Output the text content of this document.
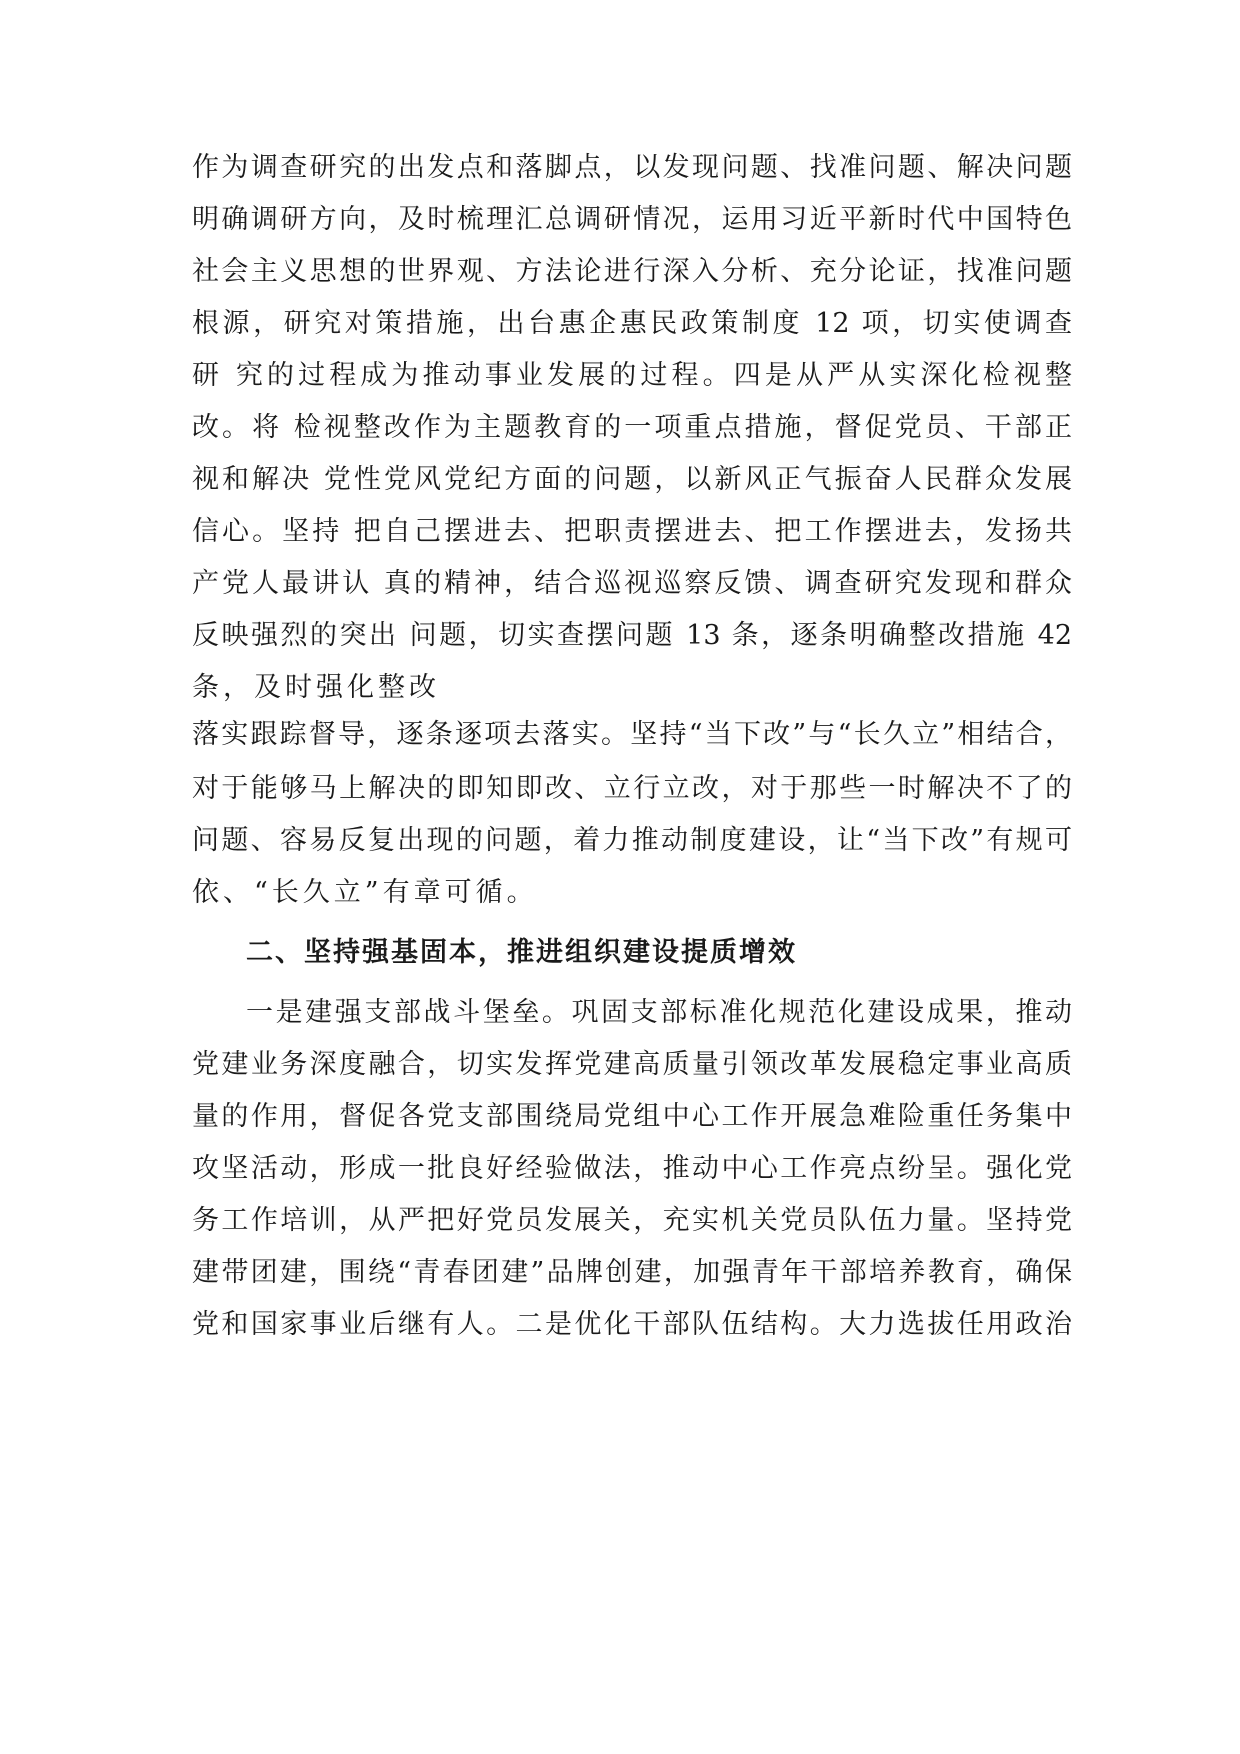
作为调查研究的出发点和落脚点，以发现问题、找准问题、解决问题
明确调研方向，及时梳理汇总调研情况，运用习近平新时代中国特色
社会主义思想的世界观、方法论进行深入分析、充分论证，找准问题
根源，研究对策措施，出台惠企惠民政策制度 12 项，切实使调查
研 究的过程成为推动事业发展的过程。四是从严从实深化检视整
改。将 检视整改作为主题教育的一项重点措施，督促党员、干部正
视和解决 党性党风党纪方面的问题，以新风正气振奋人民群众发展
信心。坚持 把自己摆进去、把职责摆进去、把工作摆进去，发扬共
产党人最讲认 真的精神，结合巡视巡察反馈、调查研究发现和群众
反映强烈的突出 问题，切实查摆问题 13 条，逐条明确整改措施 42
条，及时强化整改
落实跟踪督导，逐条逐项去落实。坚持“当下改”与“长久立”相结合，
对于能够马上解决的即知即改、立行立改，对于那些一时解决不了的
问题、容易反复出现的问题，着力推动制度建设，让“当下改”有规可
依、“长久立”有章可循。
二、坚持强基固本，推进组织建设提质增效
一是建强支部战斗堡垒。巩固支部标准化规范化建设成果，推动
党建业务深度融合，切实发挥党建高质量引领改革发展稳定事业高质
量的作用，督促各党支部围绕局党组中心工作开展急难险重任务集中
攻坚活动，形成一批良好经验做法，推动中心工作亮点纷呈。强化党
务工作培训，从严把好党员发展关，充实机关党员队伍力量。坚持党
建带团建，围绕“青春团建”品牌创建，加强青年干部培养教育，确保
党和国家事业后继有人。二是优化干部队伍结构。大力选拔任用政治
